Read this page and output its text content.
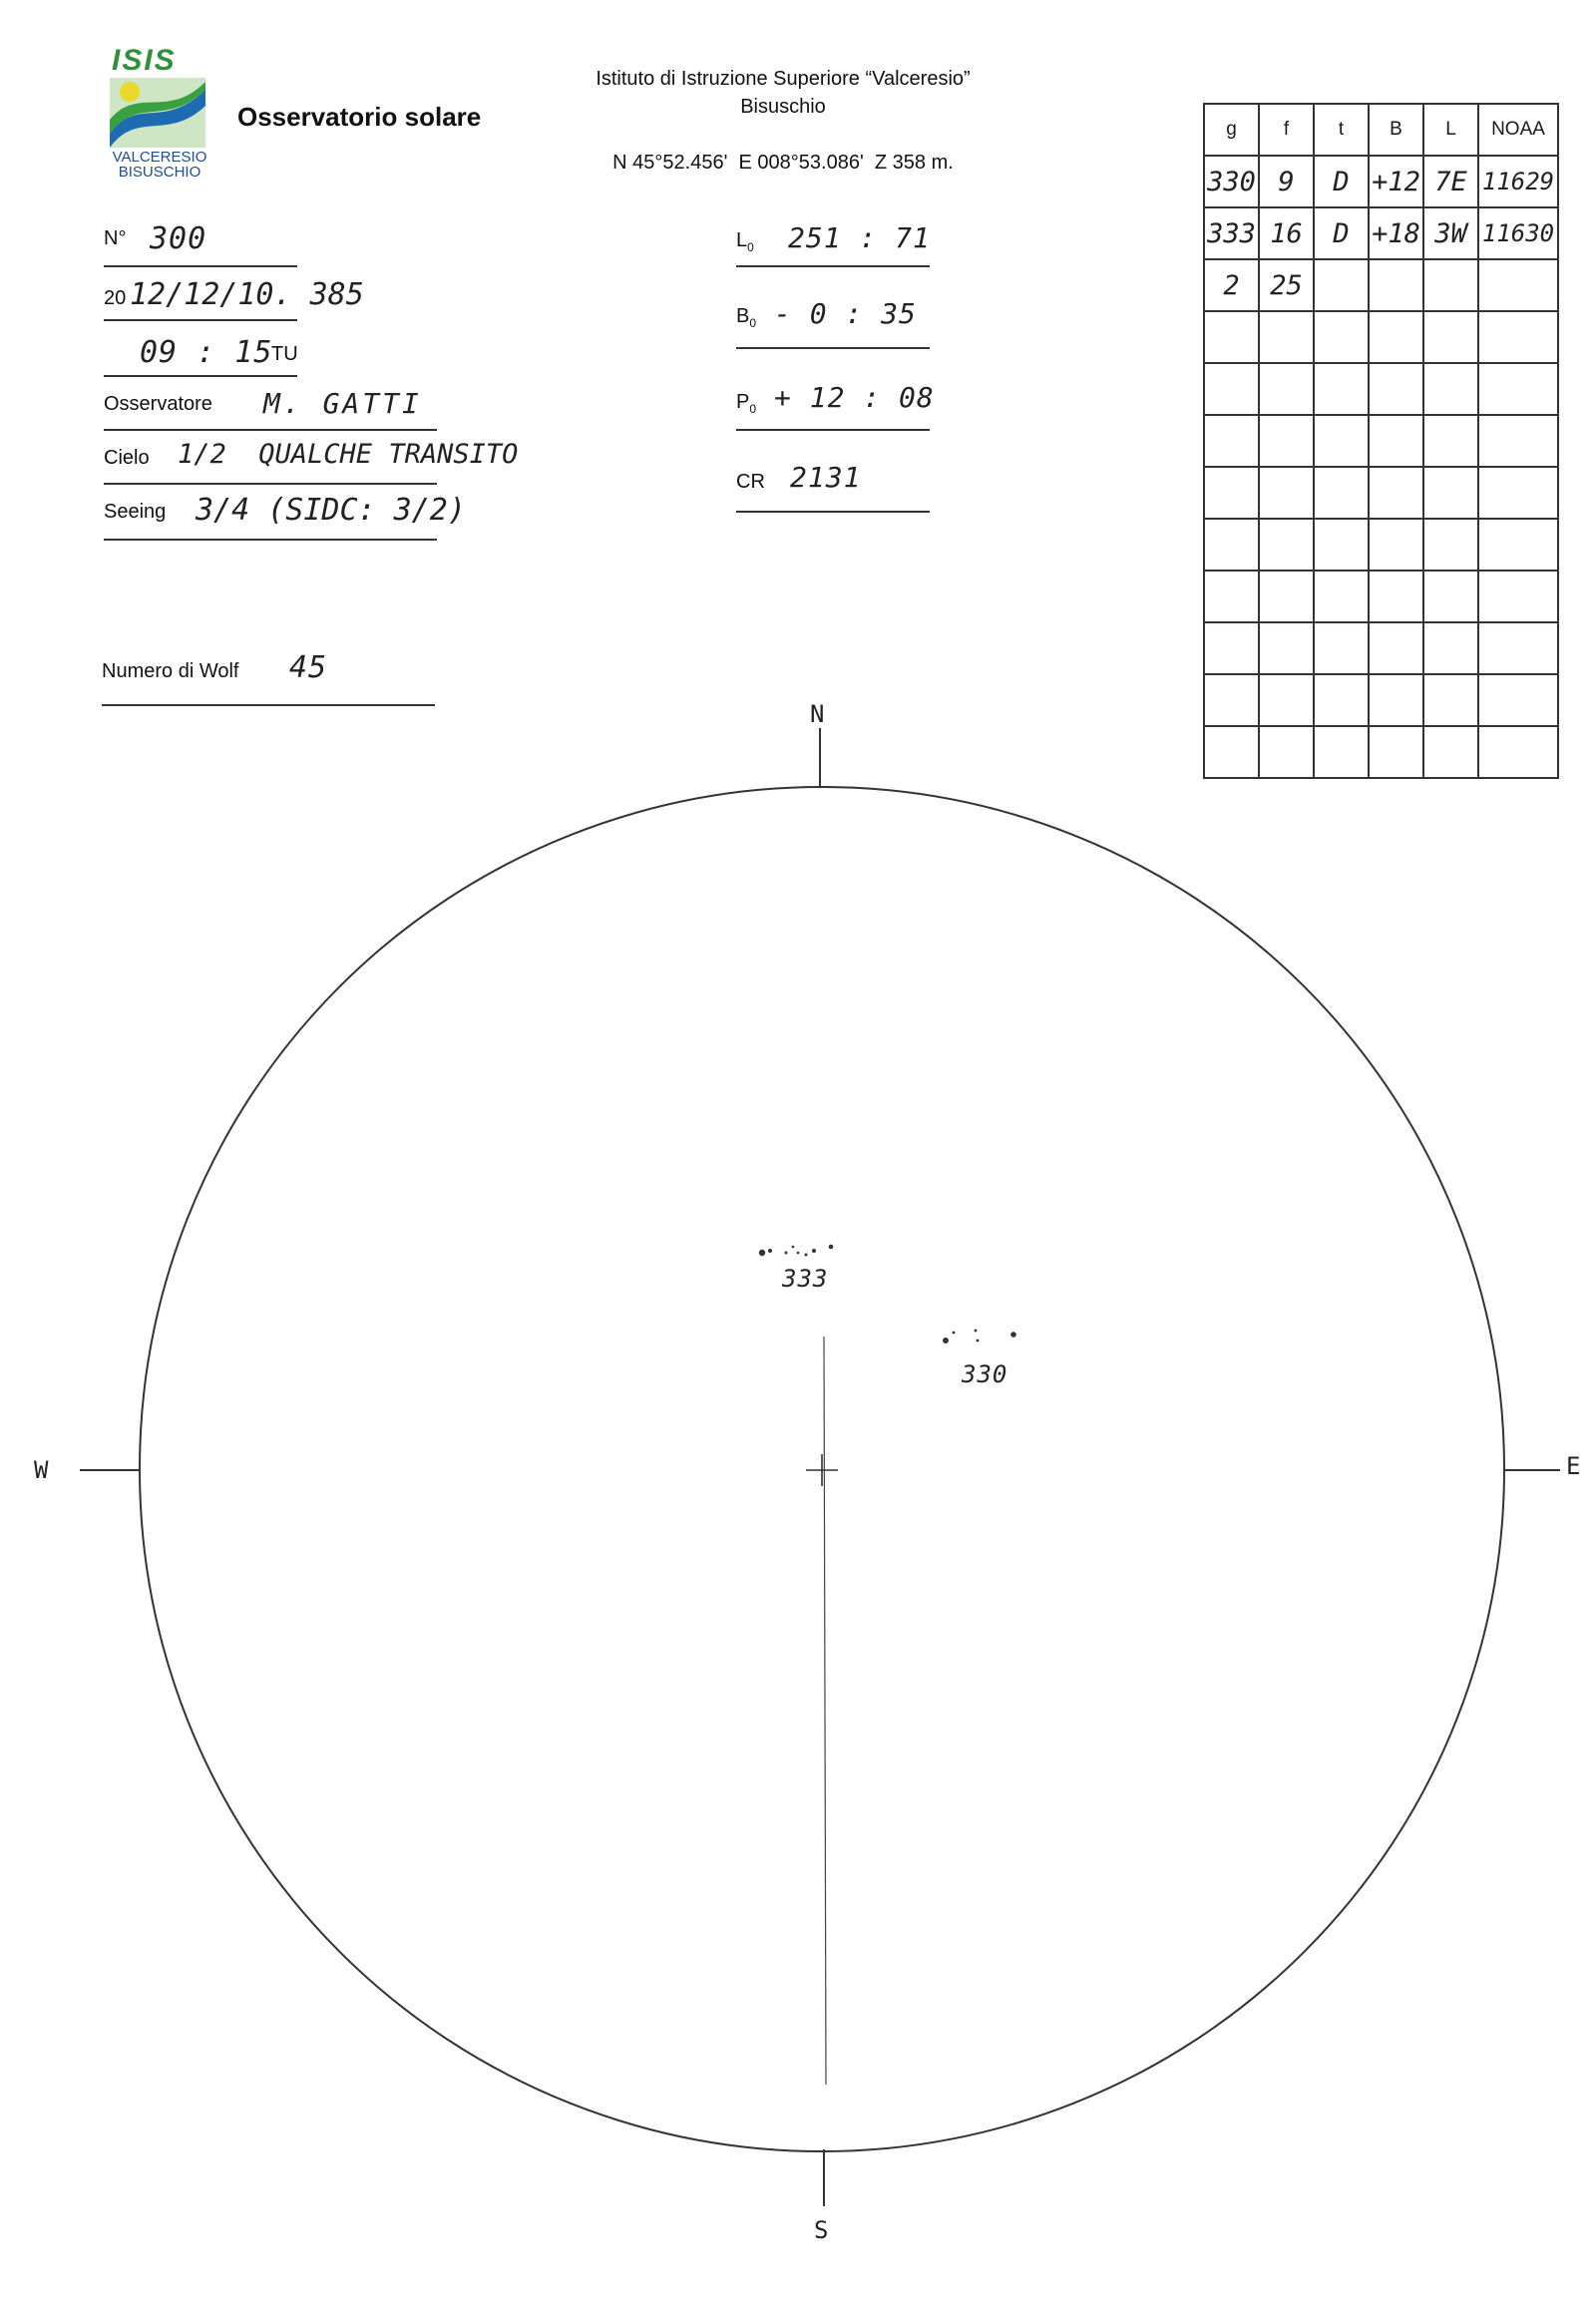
ISIS
VALCERESIO
BISUSCHIO
Osservatorio solare
Istituto di Istruzione Superiore “Valceresio”
Bisuschio
N 45°52.456'  E 008°53.086'  Z 358 m.
N° 300
20 12/12/10. 385
09 : 15
TU
Osservatore M. GATTI
Cielo 1/2  QUALCHE TRANSITO
Seeing 3/4 (SIDC: 3/2)
Numero di Wolf 45
$L_0$ 251 : 71
$B_0 - 0$ : 35
$P_0 + 12$ : 08
CR 2131
g	f	t	B	L	NOAA
330	9	D	+12	7E	11629
333	16	D	+18	3W	11630
2	25				

N
S
W	E
333
330
